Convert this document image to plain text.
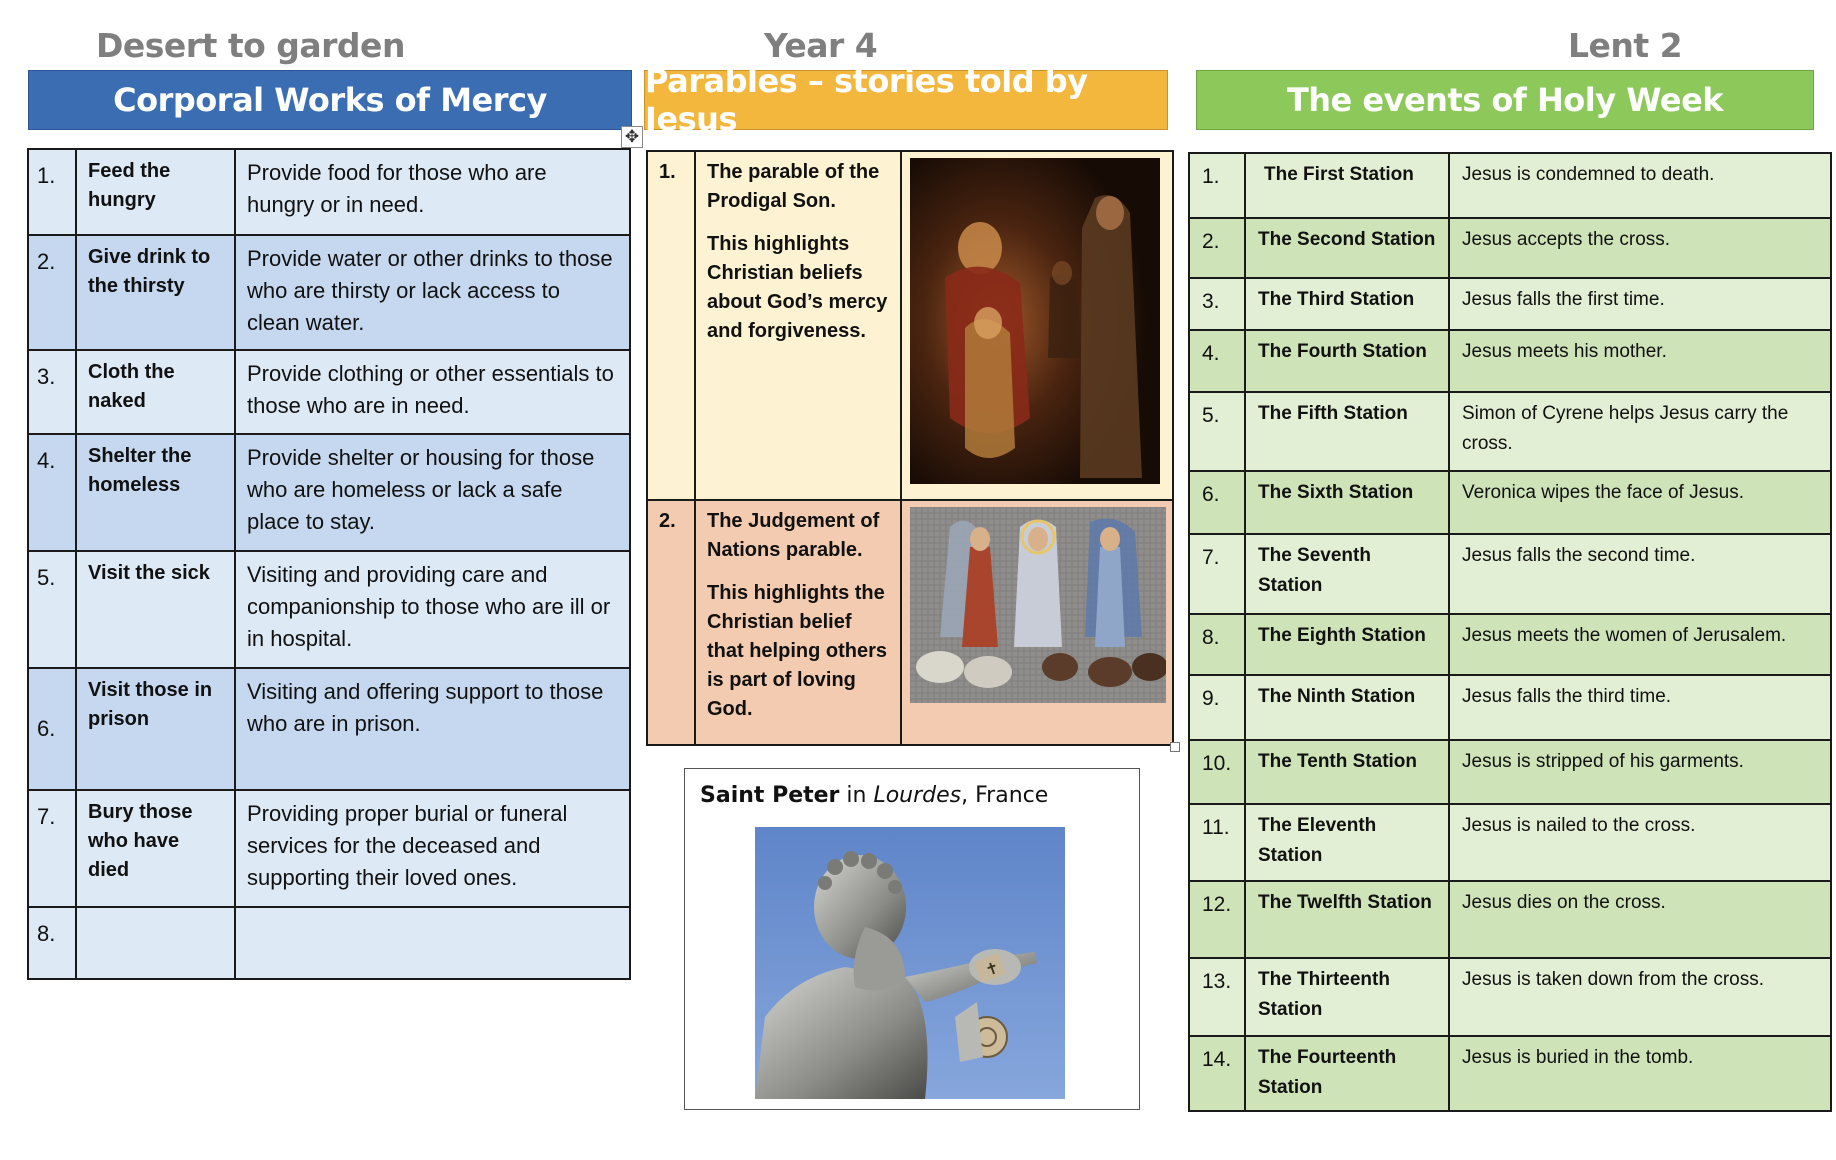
Desert to garden	Year 4	Lent 2
Corporal Works of Mercy	Parables – stories told by Jesus	The events of Holy Week
✥
1.	Feed the hungry	Provide food for those who are hungry or in need.
2.	Give drink to the thirsty	Provide water or other drinks to those who are thirsty or lack access to clean water.
3.	Cloth the naked	Provide clothing or other essentials to those who are in need.
4.	Shelter the homeless	Provide shelter or housing for those who are homeless or lack a safe place to stay.
5.	Visit the sick	Visiting and providing care and companionship to those who are ill or in hospital.
6.	Visit those in prison	Visiting and offering support to those who are in prison.
7.	Bury those who have died	Providing proper burial or funeral services for the deceased and supporting their loved ones.
8.		
1.	The parable of the Prodigal Son.

This highlights Christian beliefs about God’s mercy and forgiveness.

2.	The Judgement of Nations parable.

This highlights the Christian belief that helping others is part of loving God.

Saint Peter in Lourdes, France
✝
1.	The First Station	Jesus is condemned to death.
2.	The Second Station	Jesus accepts the cross.
3.	The Third Station	Jesus falls the first time.
4.	The Fourth Station	Jesus meets his mother.
5.	The Fifth Station	Simon of Cyrene helps Jesus carry the cross.
6.	The Sixth Station	Veronica wipes the face of Jesus.
7.	The Seventh Station	Jesus falls the second time.
8.	The Eighth Station	Jesus meets the women of Jerusalem.
9.	The Ninth Station	Jesus falls the third time.
10.	The Tenth Station	Jesus is stripped of his garments.
11.	The Eleventh Station	Jesus is nailed to the cross.
12.	The Twelfth Station	Jesus dies on the cross.
13.	The Thirteenth Station	Jesus is taken down from the cross.
14.	The Fourteenth Station	Jesus is buried in the tomb.
